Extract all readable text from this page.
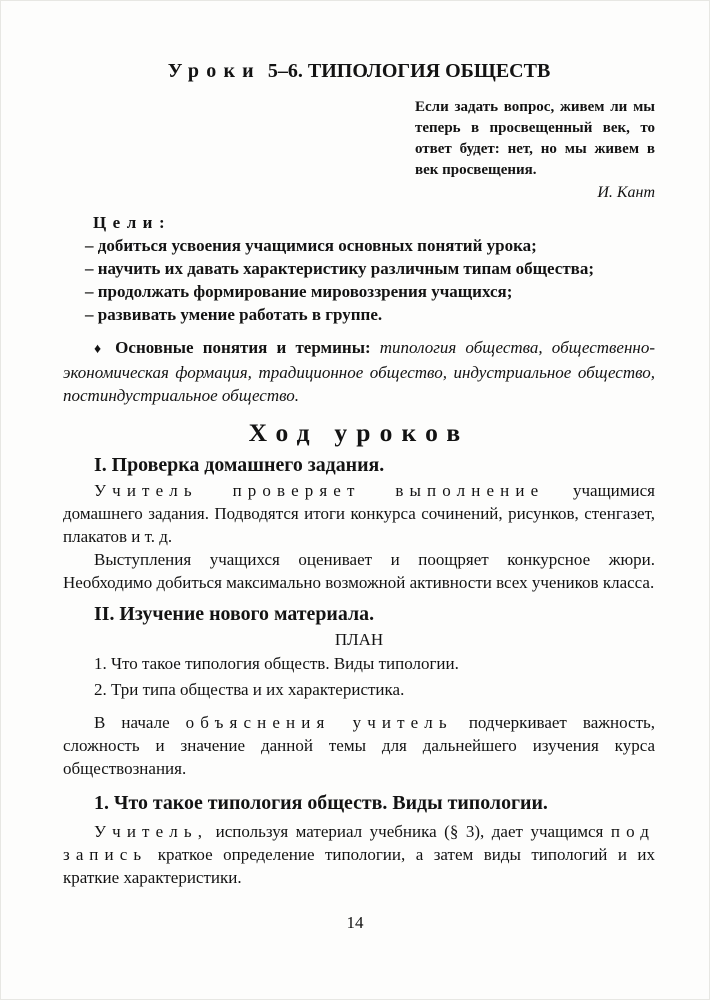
Уроки 5–6. ТИПОЛОГИЯ ОБЩЕСТВ
Если задать вопрос, живем ли мы теперь в просвещенный век, то ответ будет: нет, но мы живем в век просвещения.
И. Кант
Цели:
– добиться усвоения учащимися основных понятий урока;
– научить их давать характеристику различным типам общества;
– продолжать формирование мировоззрения учащихся;
– развивать умение работать в группе.

♦ Основные понятия и термины: типология общества, общественно-экономическая формация, традиционное общество, индустриальное общество, постиндустриальное общество.

Ход уроков
I. Проверка домашнего задания.

Учитель проверяет выполнение учащимися домашнего задания. Подводятся итоги конкурса сочинений, рисунков, стенгазет, плакатов и т. д.

Выступления учащихся оценивает и поощряет конкурсное жюри. Необходимо добиться максимально возможной активности всех учеников класса.

II. Изучение нового материала.
ПЛАН
1. Что такое типология обществ. Виды типологии.
2. Три типа общества и их характеристика.

В начале объяснения учитель подчеркивает важность, сложность и значение данной темы для дальнейшего изучения курса обществознания.

1. Что такое типология обществ. Виды типологии.

Учитель, используя материал учебника (§ 3), дает учащимся под запись краткое определение типологии, а затем виды типологий и их краткие характеристики.

14
